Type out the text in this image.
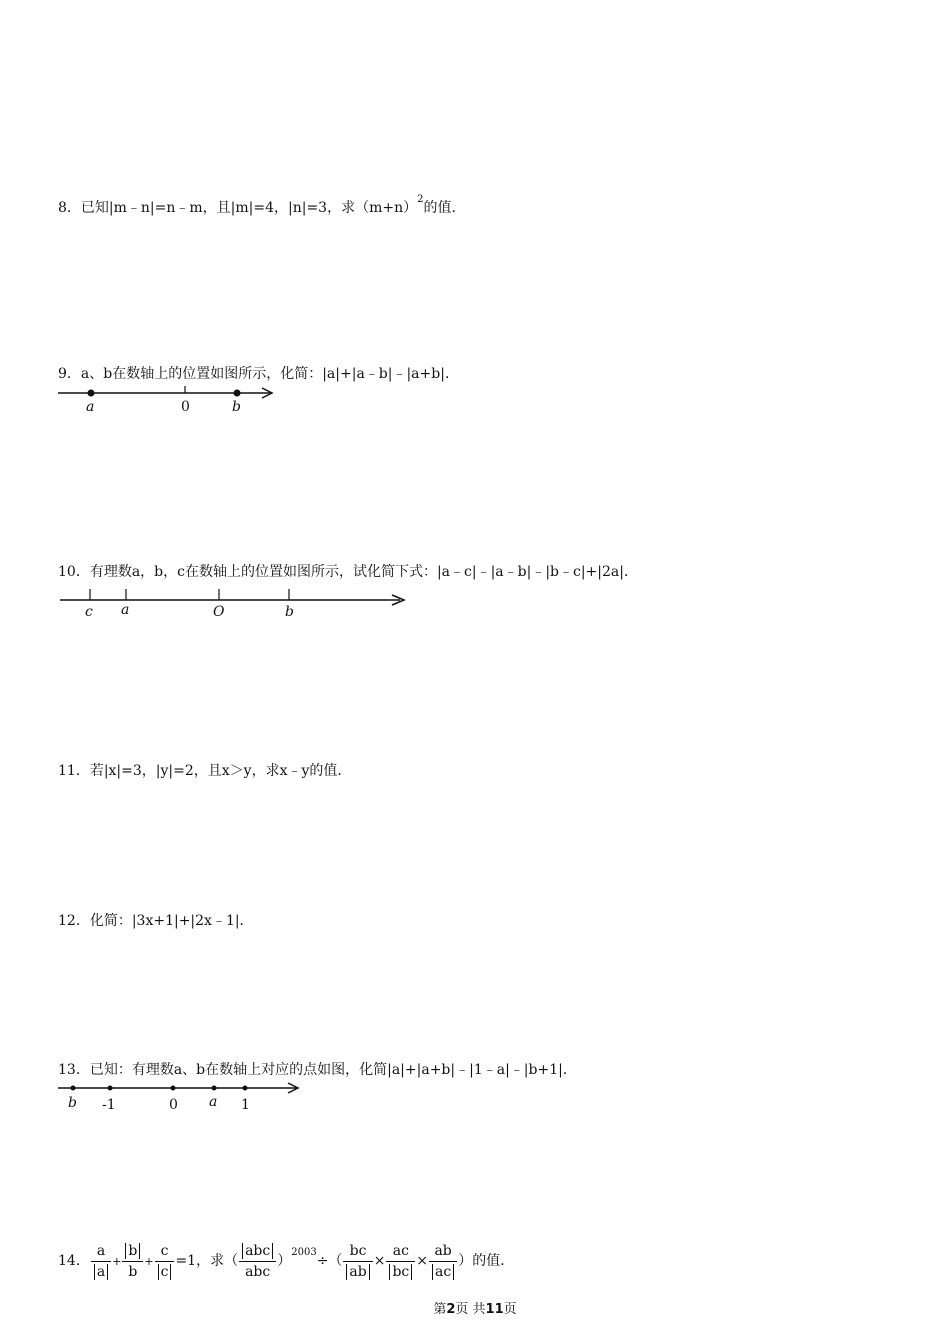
8．已知|m﹣n|=n﹣m，且|m|=4，|n|=3，求$(m+n)^2$的值．
9．a、b在数轴上的位置如图所示，化简：|a|+|a﹣b|﹣|a+b|．
a	0	b
10．有理数a，b，c在数轴上的位置如图所示，试化简下式：|a﹣c|﹣|a﹣b|﹣|b﹣c|+|2a|．
c a	O	b
11．若|x|=3，|y|=2，且x＞y，求x﹣y的值．
12．化简：|3x+1|+|2x﹣1|．
13．已知：有理数a、b在数轴上对应的点如图，化简|a|+|a+b|﹣|1﹣a|﹣|b+1|．
b -1	0 a 1
14． $\frac{a}{a} + \frac{b}{b} + \frac{c}{c} =1$，求（ $\frac{\text{abc}}{\text{abc}} )^{2003}\div( \frac{bc}{ab} \times \frac{ac}{bc} \times \frac{ab}{ac}$ ）的值．
第2页 共11页
